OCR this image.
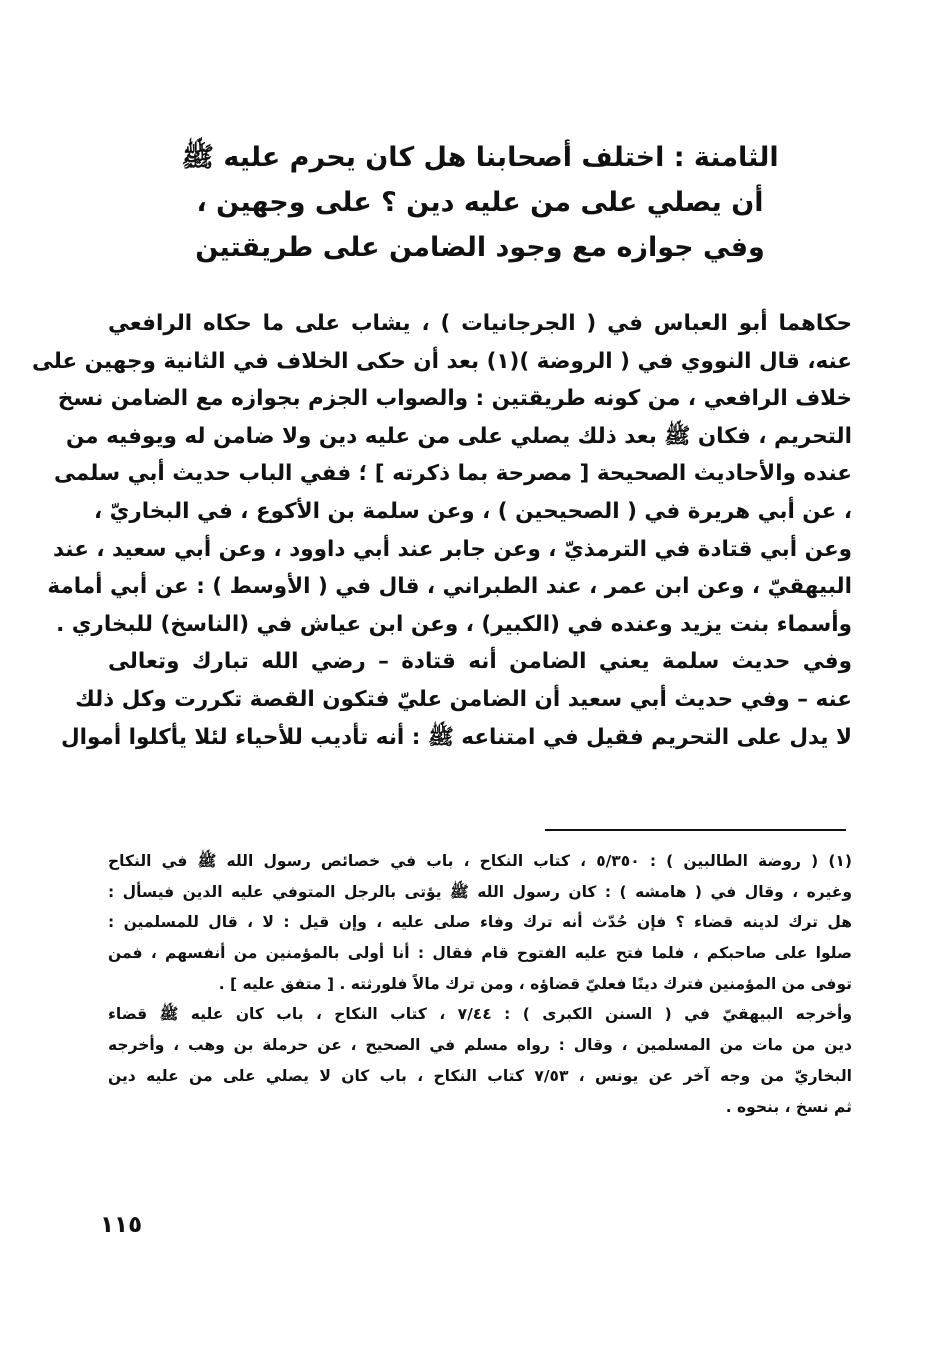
الثامنة : اختلف أصحابنا هل كان يحرم عليه ﷺ
أن يصلي على من عليه دين ؟ على وجهين ،
وفي جوازه مع وجود الضامن على طريقتين
حكاهما أبو العباس في ( الجرجانيات ) ، يشاب على ما حكاه الرافعي
عنه، قال النووي في ( الروضة )(١) بعد أن حكى الخلاف في الثانية وجهين على
خلاف الرافعي ، من كونه طريقتين : والصواب الجزم بجوازه مع الضامن نسخ
التحريم ، فكان ﷺ بعد ذلك يصلي على من عليه دين ولا ضامن له ويوفيه من
عنده والأحاديث الصحيحة [ مصرحة بما ذكرته ] ؛ ففي الباب حديث أبي سلمى
، عن أبي هريرة في ( الصحيحين ) ، وعن سلمة بن الأكوع ، في البخاريّ ،
وعن أبي قتادة في الترمذيّ ، وعن جابر عند أبي داوود ، وعن أبي سعيد ، عند
البيهقيّ ، وعن ابن عمر ، عند الطبراني ، قال في ( الأوسط ) : عن أبي أمامة
وأسماء بنت يزيد وعنده في (الكبير) ، وعن ابن عياش في (الناسخ) للبخاري .
وفي حديث سلمة يعني الضامن أنه قتادة – رضي الله تبارك وتعالى
عنه – وفي حديث أبي سعيد أن الضامن عليّ فتكون القصة تكررت وكل ذلك
لا يدل على التحريم فقيل في امتناعه ﷺ : أنه تأديب للأحياء لئلا يأكلوا أموال
(١) ( روضة الطالبين ) : ٥/٣٥٠ ، كتاب النكاح ، باب في خصائص رسول الله ﷺ في النكاح
وغيره ، وقال في ( هامشه ) : كان رسول الله ﷺ يؤتى بالرجل المتوفي عليه الدين فيسأل :
هل ترك لدينه قضاء ؟ فإن حُدّث أنه ترك وفاء صلى عليه ، وإن قيل : لا ، قال للمسلمين :
صلوا على صاحبكم ، فلما فتح عليه الفتوح قام فقال : أنا أولى بالمؤمنين من أنفسهم ، فمن
توفى من المؤمنين فترك دينًا فعليّ قضاؤه ، ومن ترك مالاً فلورثته . [ متفق عليه ] .
وأخرجه البيهقيّ في ( السنن الكبرى ) : ٧/٤٤ ، كتاب النكاح ، باب كان عليه ﷺ قضاء
دين من مات من المسلمين ، وقال : رواه مسلم في الصحيح ، عن حرملة بن وهب ، وأخرجه
البخاريّ من وجه آخر عن يونس ، ٧/٥٣ كتاب النكاح ، باب كان لا يصلي على من عليه دين
ثم نسخ ، بنحوه .
١١٥
